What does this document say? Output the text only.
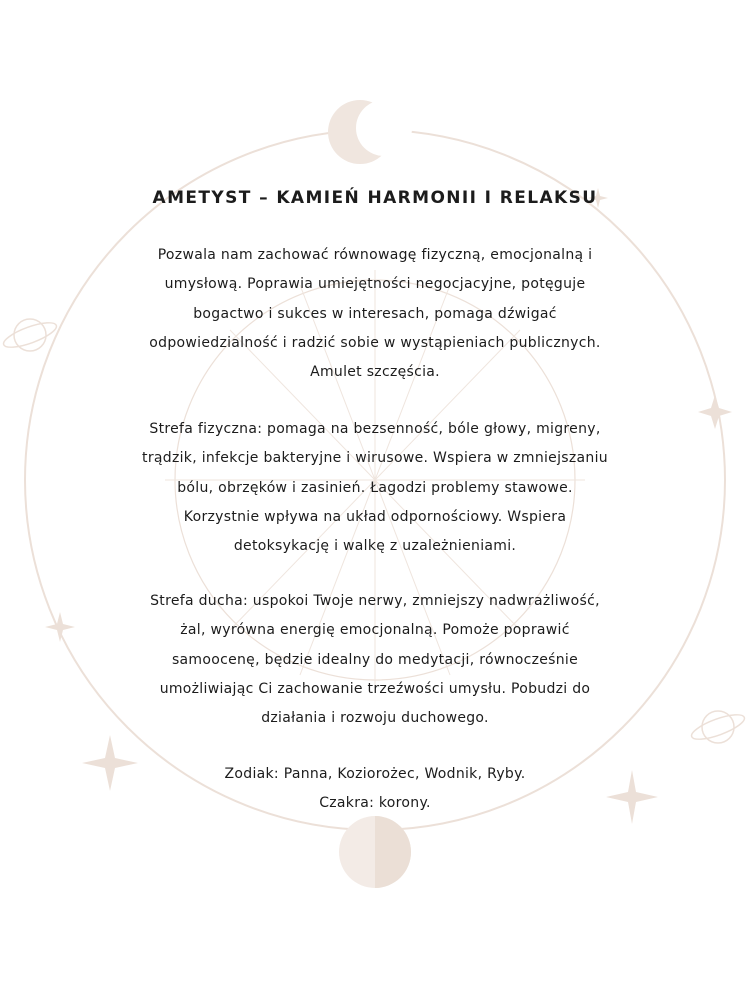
AMETYST – KAMIEŃ HARMONII I RELAKSU

Pozwala nam zachować równowagę fizyczną, emocjonalną i
umysłową. Poprawia umiejętności negocjacyjne, potęguje
bogactwo i sukces w interesach, pomaga dźwigać
odpowiedzialność i radzić sobie w wystąpieniach publicznych.
Amulet szczęścia.

Strefa fizyczna: pomaga na bezsenność, bóle głowy, migreny,
trądzik, infekcje bakteryjne i wirusowe. Wspiera w zmniejszaniu
bólu, obrzęków i zasinień. Łagodzi problemy stawowe.
Korzystnie wpływa na układ odpornościowy. Wspiera
detoksykację i walkę z uzależnieniami.

Strefa ducha: uspokoi Twoje nerwy, zmniejszy nadwrażliwość,
żal, wyrówna energię emocjonalną. Pomoże poprawić
samoocenę, będzie idealny do medytacji, równocześnie
umożliwiając Ci zachowanie trzeźwości umysłu. Pobudzi do
działania i rozwoju duchowego.

Zodiak: Panna, Koziorożec, Wodnik, Ryby.
Czakra: korony.
